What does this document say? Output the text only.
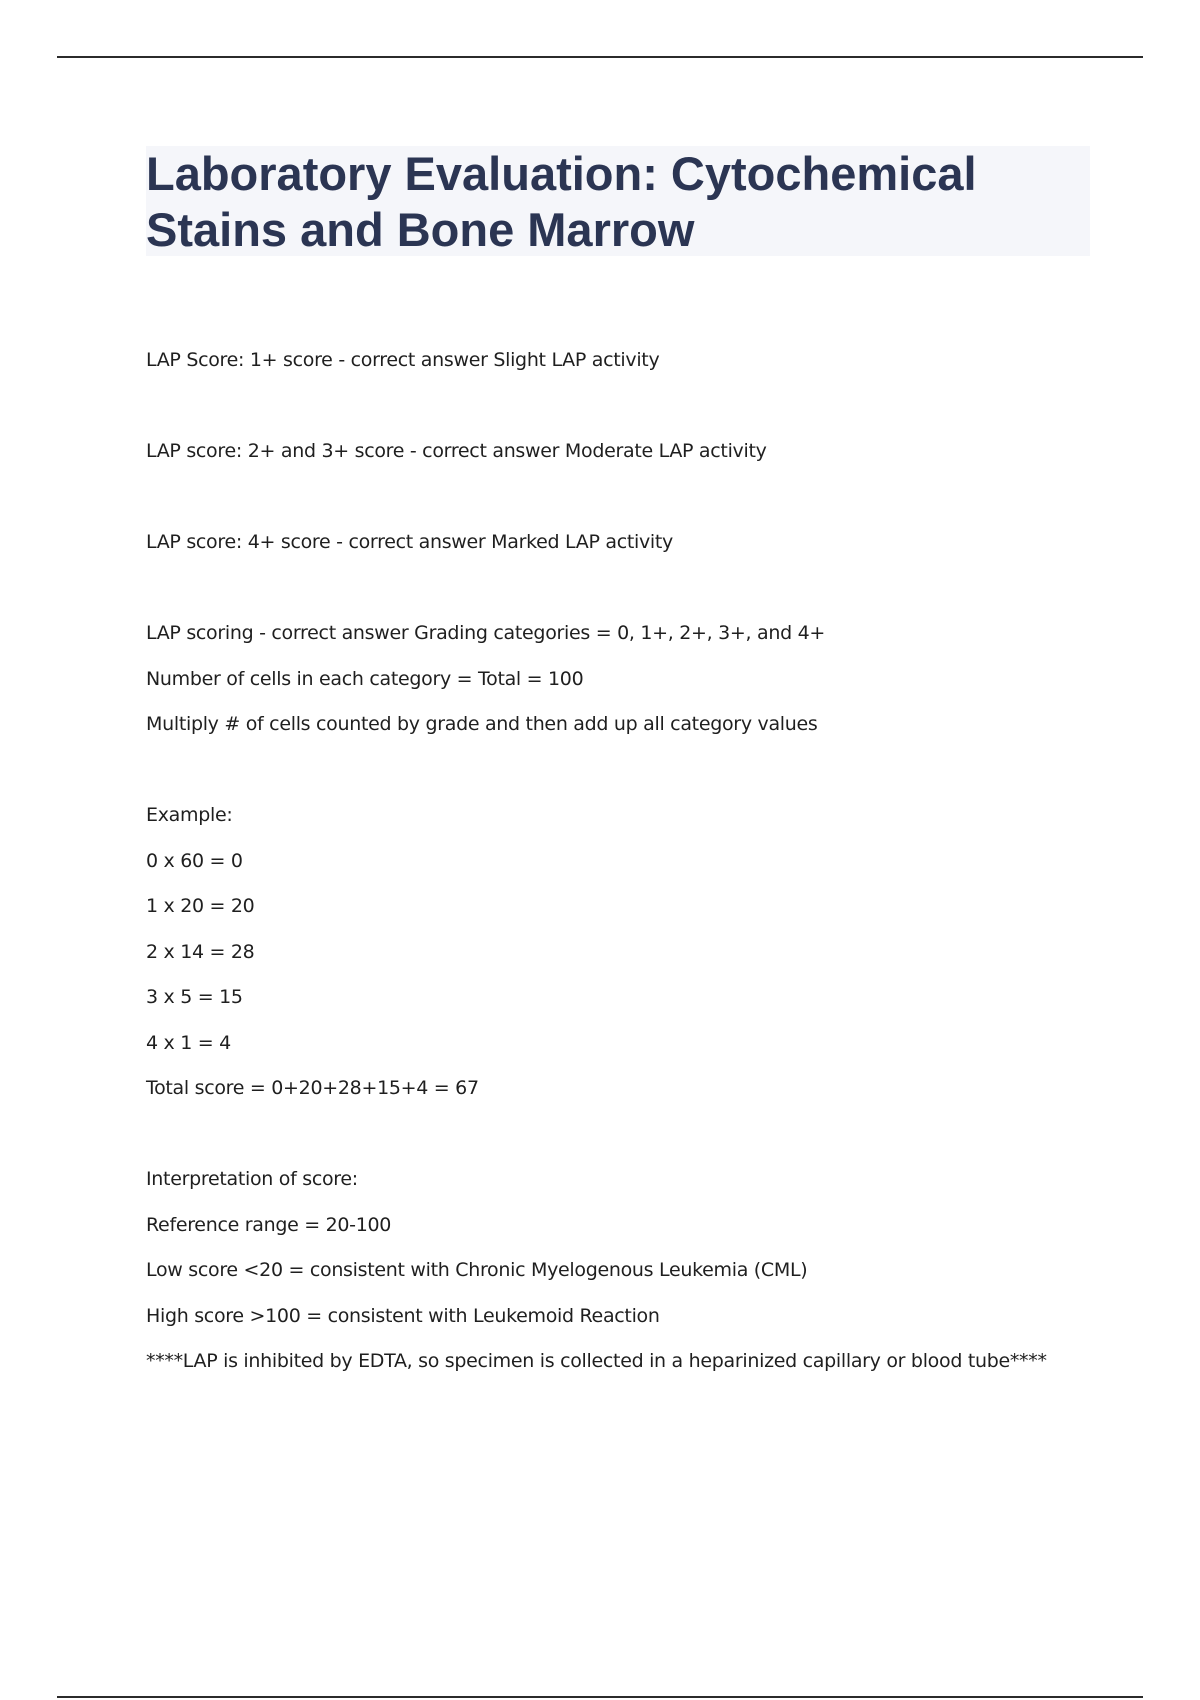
Laboratory Evaluation: Cytochemical
Stains and Bone Marrow
LAP Score: 1+ score - correct answer Slight LAP activity
LAP score: 2+ and 3+ score - correct answer Moderate LAP activity
LAP score: 4+ score - correct answer Marked LAP activity
LAP scoring - correct answer Grading categories = 0, 1+, 2+, 3+, and 4+
Number of cells in each category = Total = 100
Multiply # of cells counted by grade and then add up all category values
Example:
0 x 60 = 0
1 x 20 = 20
2 x 14 = 28
3 x 5 = 15
4 x 1 = 4
Total score = 0+20+28+15+4 = 67
Interpretation of score:
Reference range = 20-100
Low score <20 = consistent with Chronic Myelogenous Leukemia (CML)
High score >100 = consistent with Leukemoid Reaction
****LAP is inhibited by EDTA, so specimen is collected in a heparinized capillary or blood tube****
